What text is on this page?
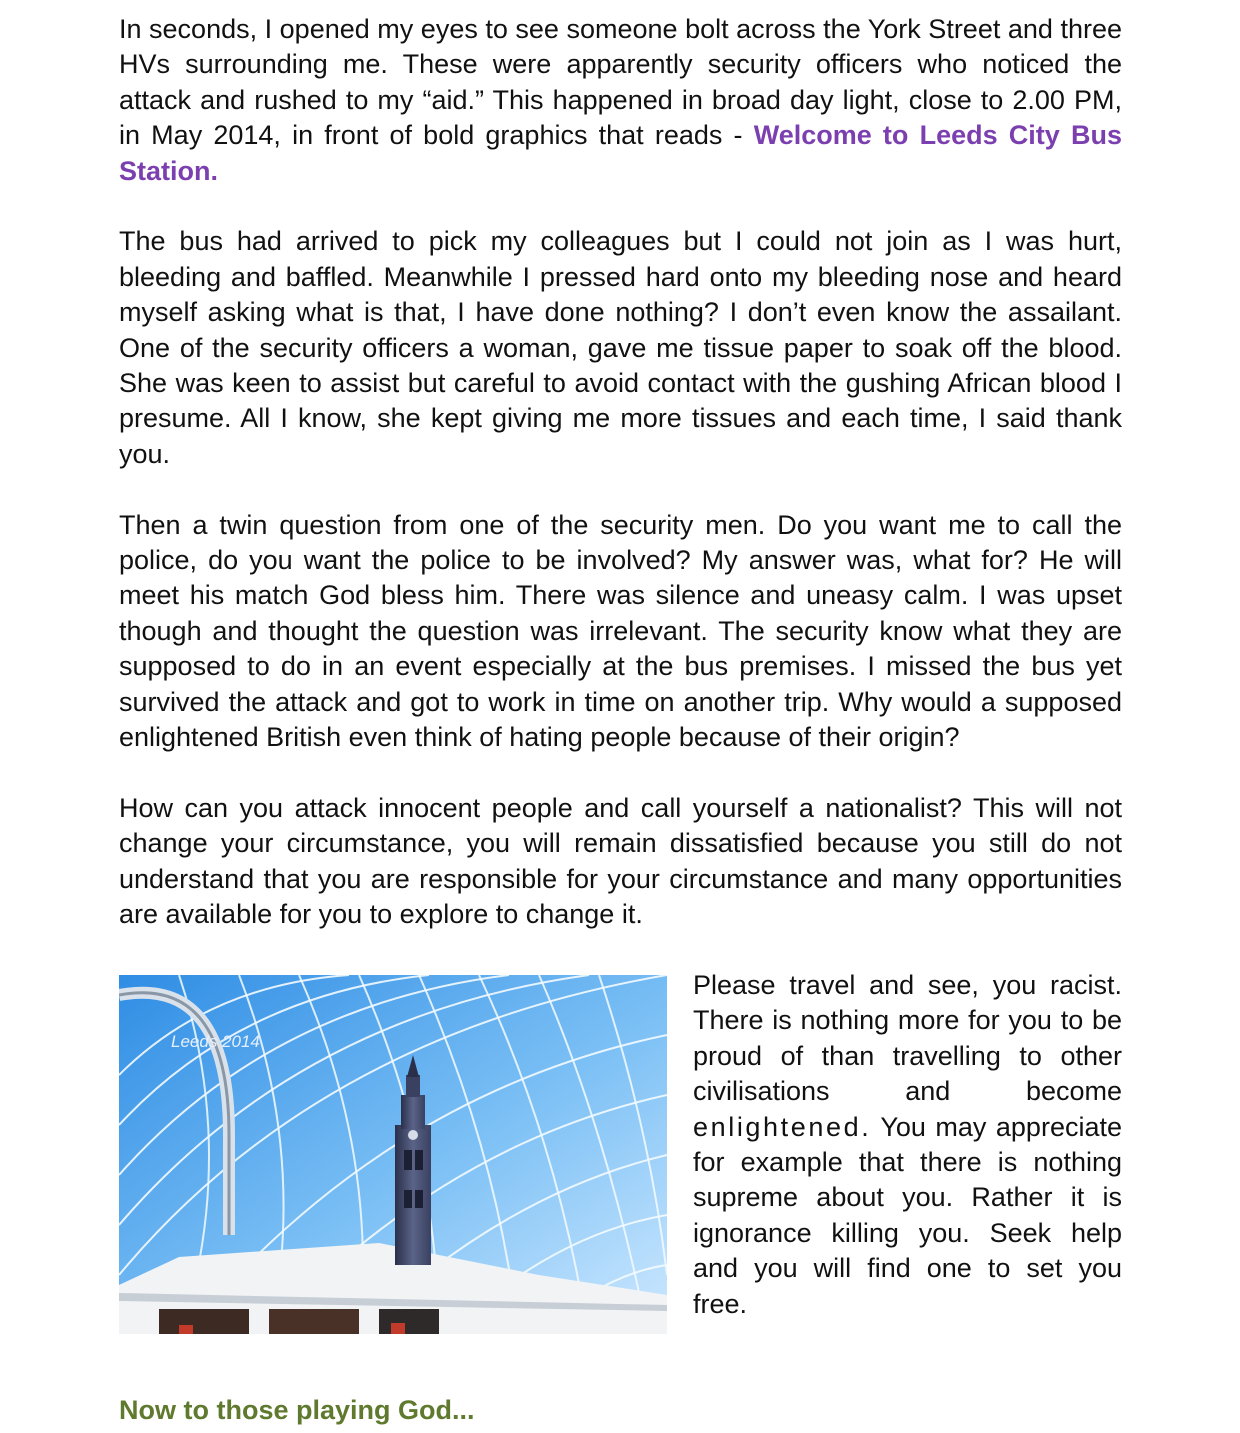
In seconds, I opened my eyes to see someone bolt across the York Street and three HVs surrounding me. These were apparently security officers who noticed the attack and rushed to my “aid.” This happened in broad day light, close to 2.00 PM, in May 2014, in front of bold graphics that reads - Welcome to Leeds City Bus Station.

The bus had arrived to pick my colleagues but I could not join as I was hurt, bleeding and baffled. Meanwhile I pressed hard onto my bleeding nose and heard myself asking what is that, I have done nothing? I don’t even know the assailant. One of the security officers a woman, gave me tissue paper to soak off the blood. She was keen to assist but careful to avoid contact with the gushing African blood I presume. All I know, she kept giving me more tissues and each time, I said thank you.

Then a twin question from one of the security men. Do you want me to call the police, do you want the police to be involved? My answer was, what for? He will meet his match God bless him. There was silence and uneasy calm. I was upset though and thought the question was irrelevant. The security know what they are supposed to do in an event especially at the bus premises. I missed the bus yet survived the attack and got to work in time on another trip. Why would a supposed enlightened British even think of hating people because of their origin?

How can you attack innocent people and call yourself a nationalist? This will not change your circumstance, you will remain dissatisfied because you still do not understand that you are responsible for your circumstance and many opportunities are available for you to explore to change it.

Leeds 2014

Please travel and see, you racist. There is nothing more for you to be proud of than travelling to other civilisations and become enlightened. You may appreciate for example that there is nothing supreme about you. Rather it is ignorance killing you. Seek help and you will find one to set you free.

Now to those playing God...
